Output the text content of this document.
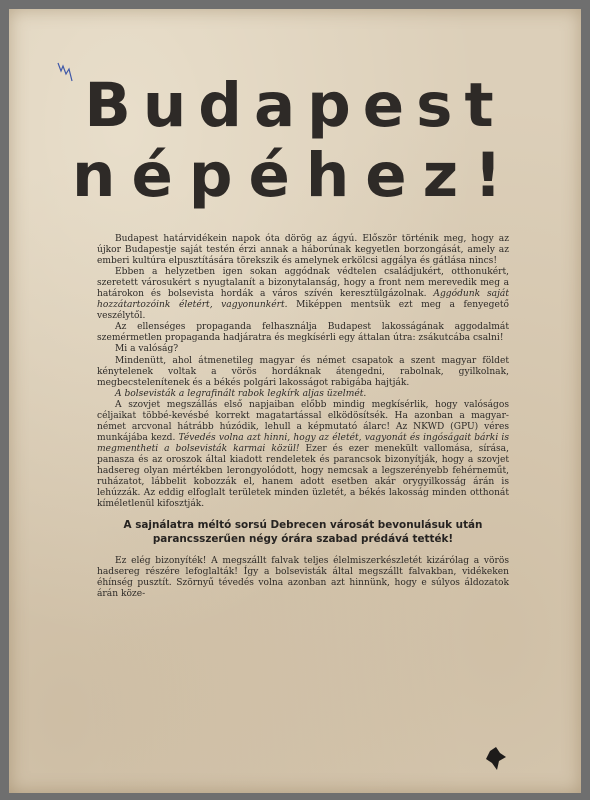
Budapest
népéhez!

Budapest határvidékein napok óta dörög az ágyú. Először történik meg, hogy az újkor Budapestje saját testén érzi annak a háborúnak kegyetlen borzongását, amely az emberi kultúra elpusztítására törekszik és amelynek erkölcsi aggálya és gátlása nincs!

Ebben a helyzetben igen sokan aggódnak védtelen családjukért, otthonukért, szeretett városukért s nyugtalanít a bizonytalanság, hogy a front nem merevedik meg a határokon és bolsevista hordák a város szívén keresztülgázolnak. Aggódunk saját hozzátartozóink életért, vagyonunkért. Miképpen mentsük ezt meg a fenyegető veszélytől.

Az ellenséges propaganda felhasználja Budapest lakosságának aggodalmát szemérmetlen propaganda hadjáratra és megkísérli egy áttalan útra: zsákutcába csalni!

Mi a valóság?

Mindenütt, ahol átmenetileg magyar és német csapatok a szent magyar földet kénytelenek voltak a vörös hordáknak átengedni, rabolnak, gyilkolnak, megbecstelenítenek és a békés polgári lakosságot rabigába hajtják.

A bolsevisták a legrafinált rabok legkírk aljas üzelmét.

A szovjet megszállás első napjaiban előbb mindig megkísérlik, hogy valóságos céljaikat többé-kevésbé korrekt magatartással elködösítsék. Ha azonban a magyar-német arcvonal hátrább húzódik, lehull a képmutató álarc! Az NKWD (GPU) véres munkájába kezd. Tévedés volna azt hinni, hogy az életét, vagyonát és ingóságait bárki is megmentheti a bolsevisták karmai közül! Ezer és ezer menekült vallomása, sírása, panasza és az oroszok által kiadott rendeletek és parancsok bizonyítják, hogy a szovjet hadsereg olyan mértékben lerongyolódott, hogy nemcsak a legszerényebb fehérneműt, ruházatot, lábbelit kobozzák el, hanem adott esetben akár orygyilkosság árán is lehúzzák. Az eddig elfoglalt területek minden üzletét, a békés lakosság minden otthonát kíméletlenül kifosztják.

A sajnálatra méltó sorsú Debrecen városát bevonulásuk után parancsszerűen négy órára szabad prédává tették!

Ez elég bizonyíték! A megszállt falvak teljes élelmiszerkészletét kizárólag a vörös hadsereg részére lefoglalták! Így a bolsevisták által megszállt falvakban, vidékeken éhínség pusztít. Szörnyű tévedés volna azonban azt hinnünk, hogy e súlyos áldozatok árán köze-
